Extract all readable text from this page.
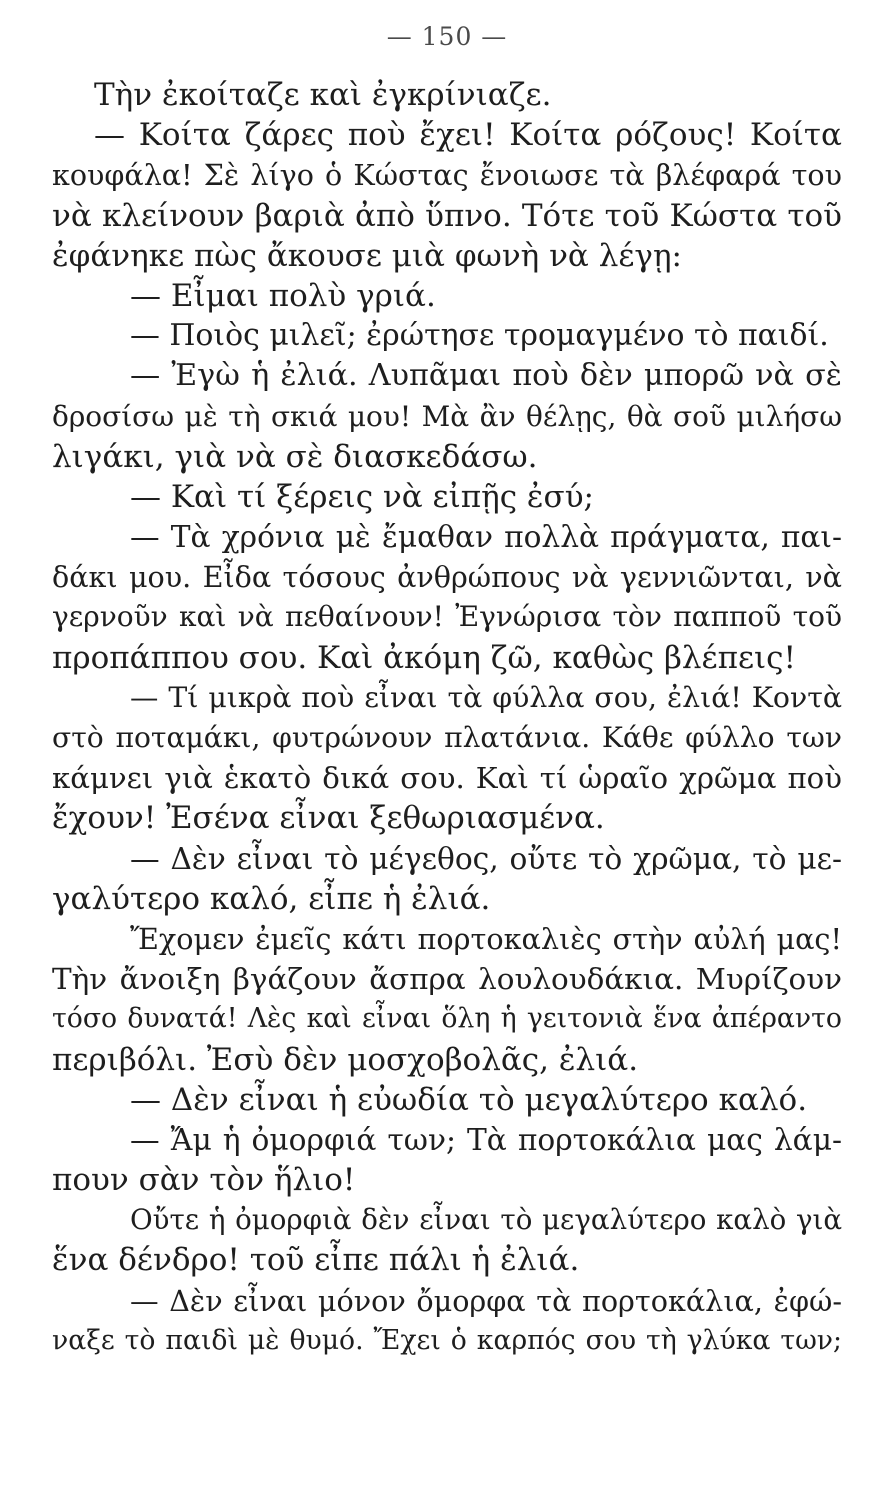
— 150 —
Τὴν ἐκοίταζε καὶ ἐγκρίνιαζε.
— Κοίτα ζάρες ποὺ ἔχει! Κοίτα ρόζους! Κοίτα
κουφάλα! Σὲ λίγο ὁ Κώστας ἔνοιωσε τὰ βλέφαρά του
νὰ κλείνουν βαριὰ ἀπὸ ὕπνο. Τότε τοῦ Κώστα τοῦ
ἐφάνηκε πὼς ἄκουσε μιὰ φωνὴ νὰ λέγῃ:
— Εἶμαι πολὺ γριά.
— Ποιὸς μιλεῖ; ἐρώτησε τρομαγμένο τὸ παιδί.
— Ἐγὼ ἡ ἐλιά. Λυπᾶμαι ποὺ δὲν μπορῶ νὰ σὲ
δροσίσω μὲ τὴ σκιά μου! Μὰ ἂν θέλῃς, θὰ σοῦ μιλήσω
λιγάκι, γιὰ νὰ σὲ διασκεδάσω.
— Καὶ τί ξέρεις νὰ εἰπῇς ἐσύ;
— Τὰ χρόνια μὲ ἔμαθαν πολλὰ πράγματα, παι-
δάκι μου. Εἶδα τόσους ἀνθρώπους νὰ γεννιῶνται, νὰ
γερνοῦν καὶ νὰ πεθαίνουν! Ἐγνώρισα τὸν παπποῦ τοῦ
προπάππου σου. Καὶ ἀκόμη ζῶ, καθὼς βλέπεις!
— Τί μικρὰ ποὺ εἶναι τὰ φύλλα σου, ἐλιά! Κοντὰ
στὸ ποταμάκι, φυτρώνουν πλατάνια. Κάθε φύλλο των
κάμνει γιὰ ἑκατὸ δικά σου. Καὶ τί ὡραῖο χρῶμα ποὺ
ἔχουν! Ἐσένα εἶναι ξεθωριασμένα.
— Δὲν εἶναι τὸ μέγεθος, οὔτε τὸ χρῶμα, τὸ με-
γαλύτερο καλό, εἶπε ἡ ἐλιά.
Ἔχομεν ἐμεῖς κάτι πορτοκαλιὲς στὴν αὐλή μας!
Τὴν ἄνοιξη βγάζουν ἄσπρα λουλουδάκια. Μυρίζουν
τόσο δυνατά! Λὲς καὶ εἶναι ὅλη ἡ γειτονιὰ ἕνα ἀπέραντο
περιβόλι. Ἐσὺ δὲν μοσχοβολᾶς, ἐλιά.
— Δὲν εἶναι ἡ εὐωδία τὸ μεγαλύτερο καλό.
— Ἄμ ἡ ὀμορφιά των; Τὰ πορτοκάλια μας λάμ-
πουν σὰν τὸν ἥλιο!
Οὔτε ἡ ὀμορφιὰ δὲν εἶναι τὸ μεγαλύτερο καλὸ γιὰ
ἕνα δένδρο! τοῦ εἶπε πάλι ἡ ἐλιά.
— Δὲν εἶναι μόνον ὄμορφα τὰ πορτοκάλια, ἐφώ-
ναξε τὸ παιδὶ μὲ θυμό. Ἔχει ὁ καρπός σου τὴ γλύκα των;
